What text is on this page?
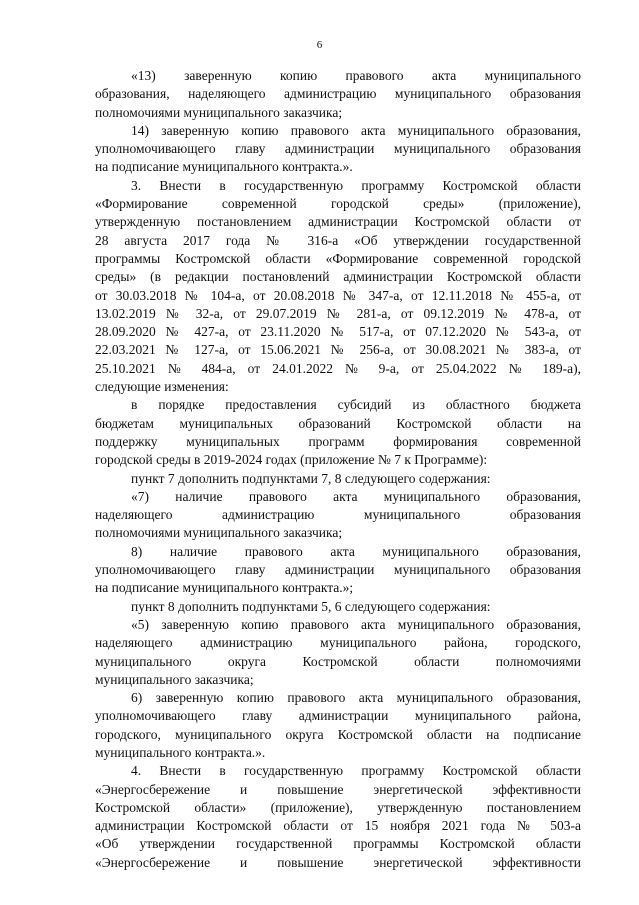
6
«13) заверенную копию правового акта муниципального
образования, наделяющего администрацию муниципального образования
полномочиями муниципального заказчика;
14) заверенную копию правового акта муниципального образования,
уполномочивающего главу администрации муниципального образования
на подписание муниципального контракта.».
3. Внести в государственную программу Костромской области
«Формирование современной городской среды» (приложение),
утвержденную постановлением администрации Костромской области от
28 августа 2017 года № 316-а «Об утверждении государственной
программы Костромской области «Формирование современной городской
среды» (в редакции постановлений администрации Костромской области
от 30.03.2018 № 104-а, от 20.08.2018 № 347-а, от 12.11.2018 № 455-а, от
13.02.2019 № 32-а, от 29.07.2019 № 281-а, от 09.12.2019 № 478-а, от
28.09.2020 № 427-а, от 23.11.2020 № 517-а, от 07.12.2020 № 543-а, от
22.03.2021 № 127-а, от 15.06.2021 № 256-а, от 30.08.2021 № 383-а, от
25.10.2021 № 484-а, от 24.01.2022 № 9-а, от 25.04.2022 № 189-а),
следующие изменения:
в порядке предоставления субсидий из областного бюджета
бюджетам муниципальных образований Костромской области на
поддержку муниципальных программ формирования современной
городской среды в 2019-2024 годах (приложение № 7 к Программе):
пункт 7 дополнить подпунктами 7, 8 следующего содержания:
«7) наличие правового акта муниципального образования,
наделяющего администрацию муниципального образования
полномочиями муниципального заказчика;
8) наличие правового акта муниципального образования,
уполномочивающего главу администрации муниципального образования
на подписание муниципального контракта.»;
пункт 8 дополнить подпунктами 5, 6 следующего содержания:
«5) заверенную копию правового акта муниципального образования,
наделяющего администрацию муниципального района, городского,
муниципального округа Костромской области полномочиями
муниципального заказчика;
6) заверенную копию правового акта муниципального образования,
уполномочивающего главу администрации муниципального района,
городского, муниципального округа Костромской области на подписание
муниципального контракта.».
4. Внести в государственную программу Костромской области
«Энергосбережение и повышение энергетической эффективности
Костромской области» (приложение), утвержденную постановлением
администрации Костромской области от 15 ноября 2021 года № 503-а
«Об утверждении государственной программы Костромской области
«Энергосбережение и повышение энергетической эффективности
